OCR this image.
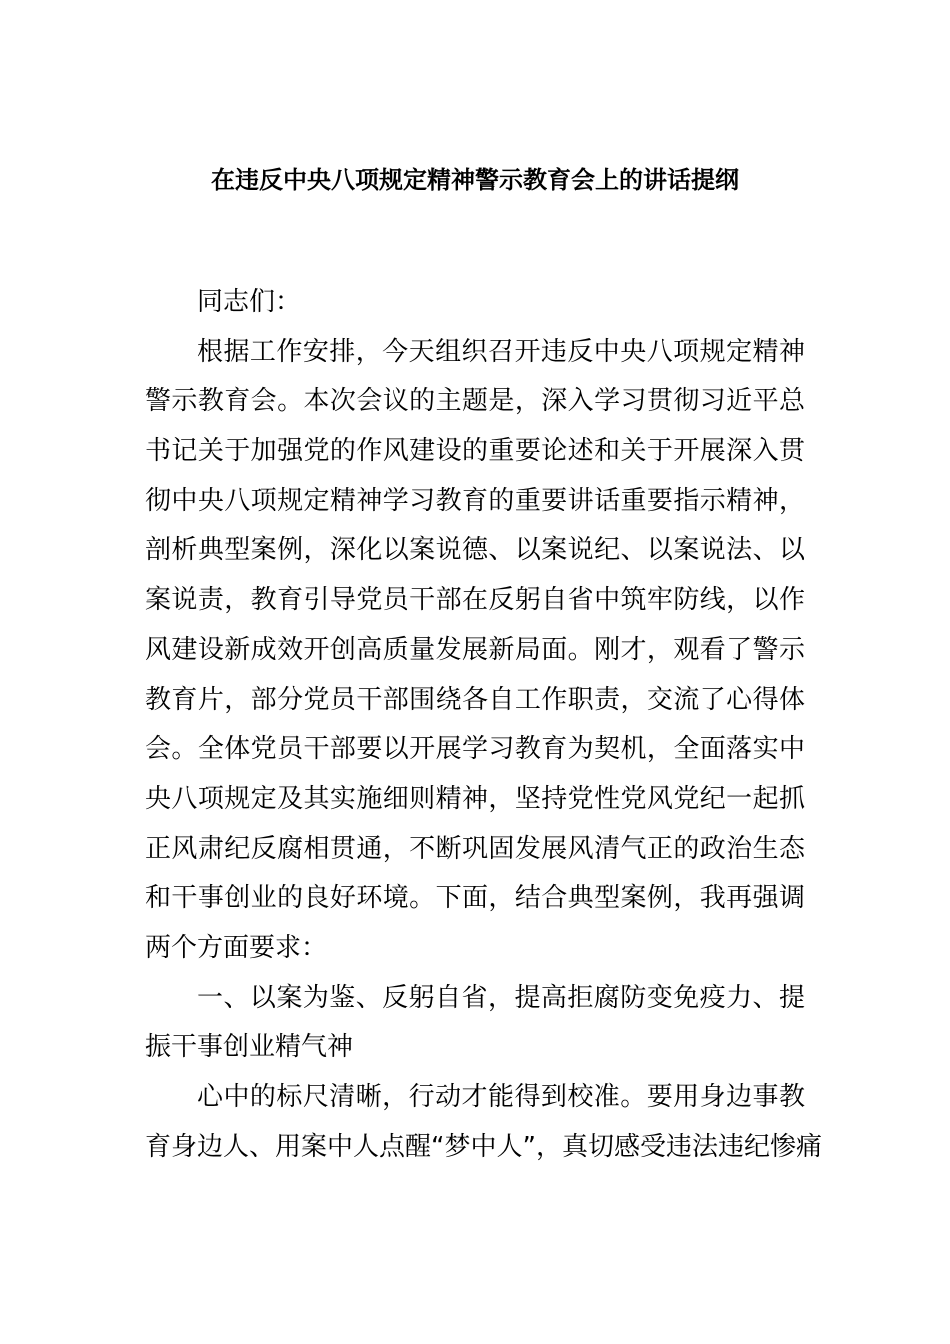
在违反中央八项规定精神警示教育会上的讲话提纲
同志们：
根据工作安排，今天组织召开违反中央八项规定精神
警示教育会。本次会议的主题是，深入学习贯彻习近平总
书记关于加强党的作风建设的重要论述和关于开展深入贯
彻中央八项规定精神学习教育的重要讲话重要指示精神，
剖析典型案例，深化以案说德、以案说纪、以案说法、以
案说责，教育引导党员干部在反躬自省中筑牢防线，以作
风建设新成效开创高质量发展新局面。刚才，观看了警示
教育片，部分党员干部围绕各自工作职责，交流了心得体
会。全体党员干部要以开展学习教育为契机，全面落实中
央八项规定及其实施细则精神，坚持党性党风党纪一起抓
正风肃纪反腐相贯通，不断巩固发展风清气正的政治生态
和干事创业的良好环境。下面，结合典型案例，我再强调
两个方面要求：
一、以案为鉴、反躬自省，提高拒腐防变免疫力、提
振干事创业精气神
心中的标尺清晰，行动才能得到校准。要用身边事教
育身边人、用案中人点醒“梦中人”，真切感受违法违纪惨痛
